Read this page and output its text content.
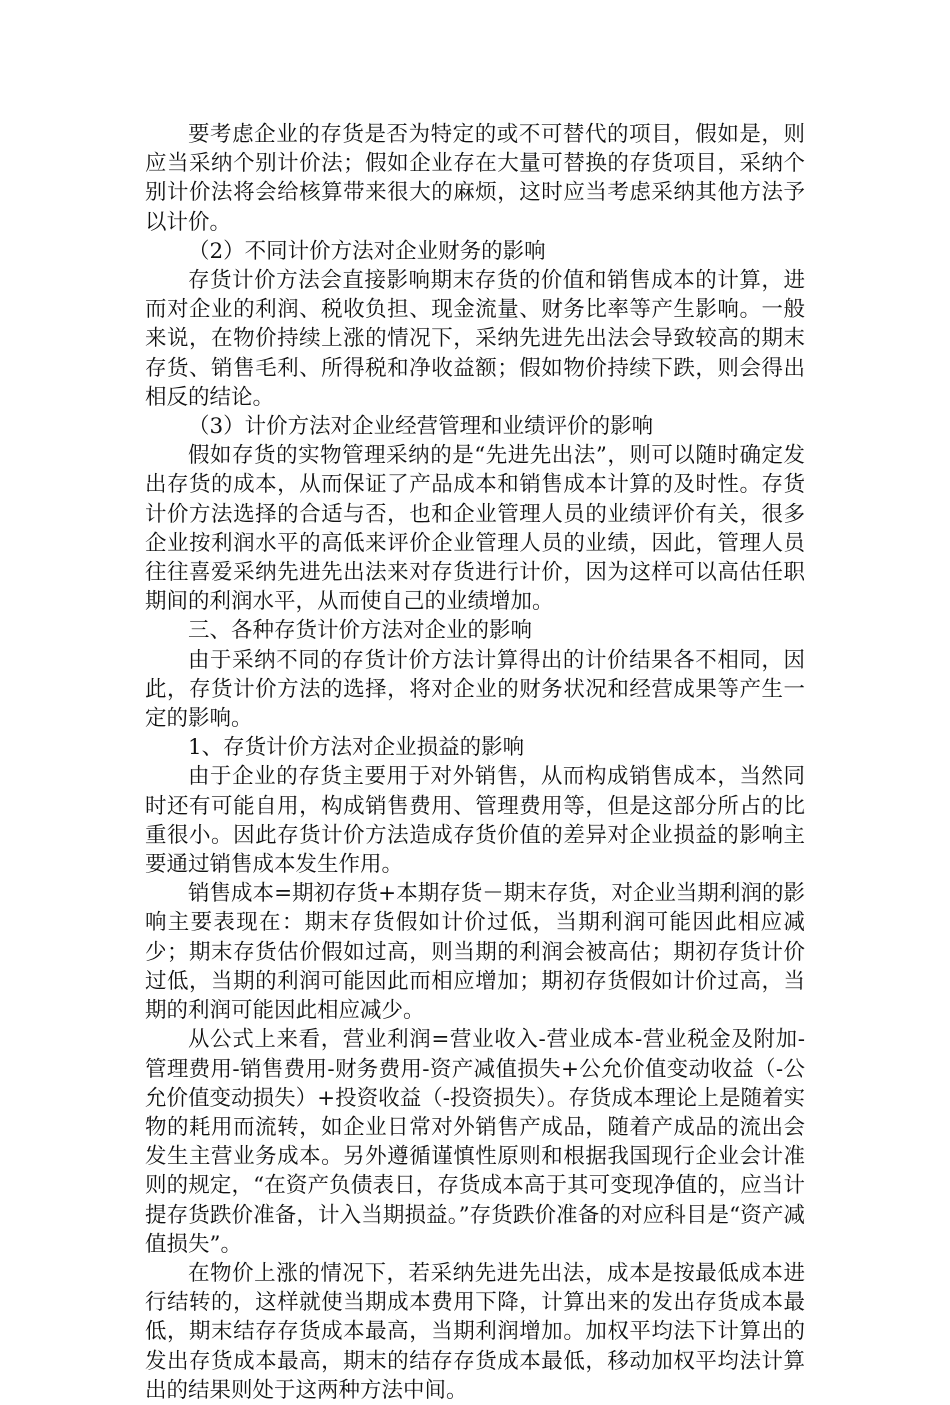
要考虑企业的存货是否为特定的或不可替代的项目，假如是，则应当采纳个别计价法；假如企业存在大量可替换的存货项目，采纳个别计价法将会给核算带来很大的麻烦，这时应当考虑采纳其他方法予以计价。

（2）不同计价方法对企业财务的影响

存货计价方法会直接影响期末存货的价值和销售成本的计算，进而对企业的利润、税收负担、现金流量、财务比率等产生影响。一般来说，在物价持续上涨的情况下，采纳先进先出法会导致较高的期末存货、销售毛利、所得税和净收益额；假如物价持续下跌，则会得出相反的结论。

（3）计价方法对企业经营管理和业绩评价的影响

假如存货的实物管理采纳的是“先进先出法”，则可以随时确定发出存货的成本，从而保证了产品成本和销售成本计算的及时性。存货计价方法选择的合适与否，也和企业管理人员的业绩评价有关，很多企业按利润水平的高低来评价企业管理人员的业绩，因此，管理人员往往喜爱采纳先进先出法来对存货进行计价，因为这样可以高估任职期间的利润水平，从而使自己的业绩增加。

三、各种存货计价方法对企业的影响

由于采纳不同的存货计价方法计算得出的计价结果各不相同，因此，存货计价方法的选择，将对企业的财务状况和经营成果等产生一定的影响。

1、存货计价方法对企业损益的影响

由于企业的存货主要用于对外销售，从而构成销售成本，当然同时还有可能自用，构成销售费用、管理费用等，但是这部分所占的比重很小。因此存货计价方法造成存货价值的差异对企业损益的影响主要通过销售成本发生作用。

销售成本=期初存货+本期存货－期末存货，对企业当期利润的影响主要表现在：期末存货假如计价过低，当期利润可能因此相应减少；期末存货估价假如过高，则当期的利润会被高估；期初存货计价过低，当期的利润可能因此而相应增加；期初存货假如计价过高，当期的利润可能因此相应减少。

从公式上来看，营业利润=营业收入-营业成本-营业税金及附加-管理费用-销售费用-财务费用-资产减值损失+公允价值变动收益（-公允价值变动损失）+投资收益（-投资损失）。存货成本理论上是随着实物的耗用而流转，如企业日常对外销售产成品，随着产成品的流出会发生主营业务成本。另外遵循谨慎性原则和根据我国现行企业会计准则的规定，“在资产负债表日，存货成本高于其可变现净值的，应当计提存货跌价准备，计入当期损益。”存货跌价准备的对应科目是“资产减值损失”。

在物价上涨的情况下，若采纳先进先出法，成本是按最低成本进行结转的，这样就使当期成本费用下降，计算出来的发出存货成本最低，期末结存存货成本最高，当期利润增加。加权平均法下计算出的发出存货成本最高，期末的结存存货成本最低，移动加权平均法计算出的结果则处于这两种方法中间。
